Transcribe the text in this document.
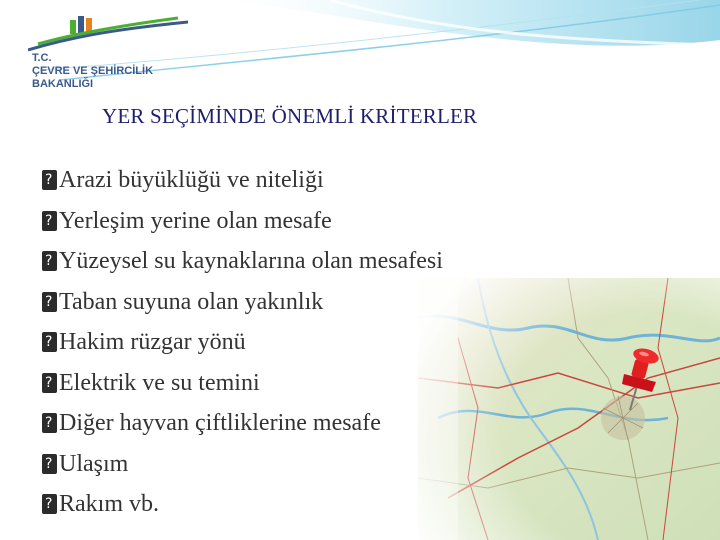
T.C.
ÇEVRE VE ŞEHİRCİLİK
BAKANLIĞI
YER SEÇİMİNDE ÖNEMLİ KRİTERLER
?Arazi büyüklüğü ve niteliği
?Yerleşim yerine olan mesafe
?Yüzeysel su kaynaklarına olan mesafesi
?Taban suyuna olan yakınlık
?Hakim rüzgar yönü
?Elektrik ve su temini
?Diğer hayvan çiftliklerine mesafe
?Ulaşım
?Rakım vb.
